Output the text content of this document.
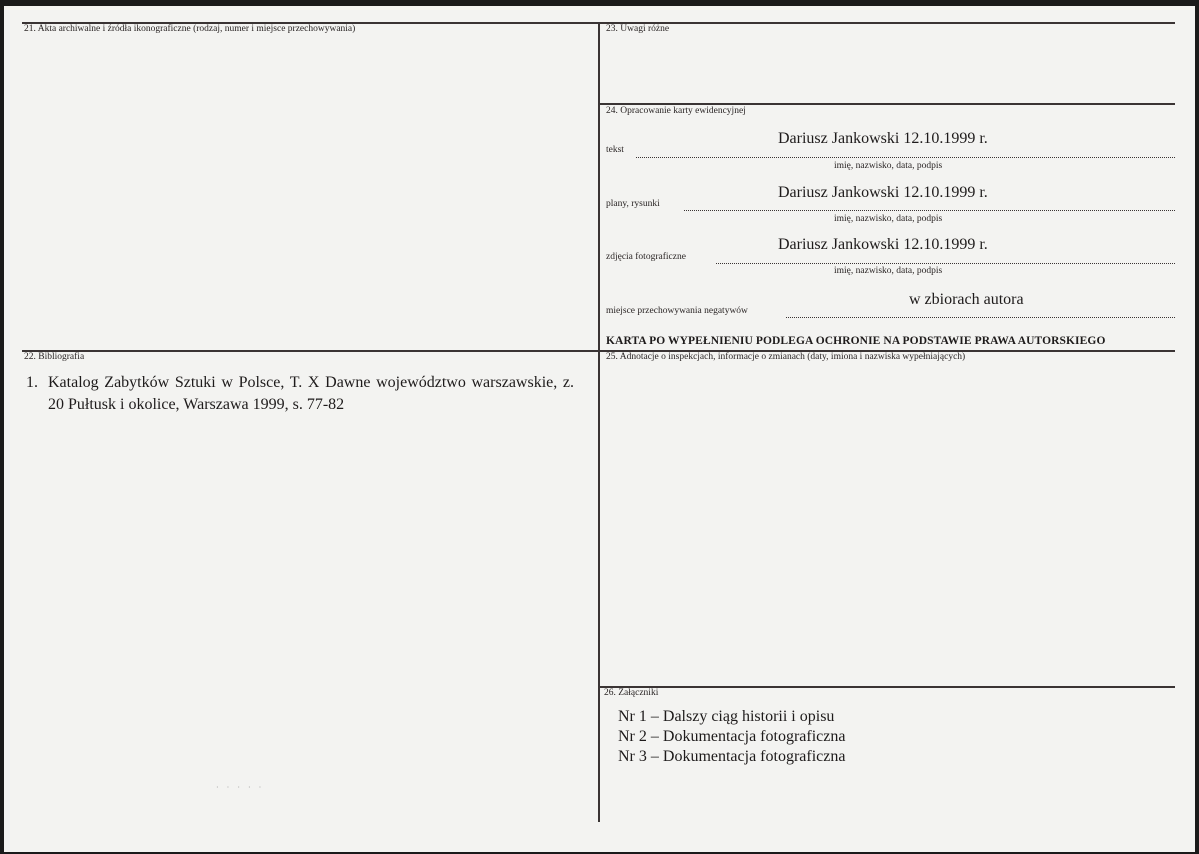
21. Akta archiwalne i źródła ikonograficzne (rodzaj, numer i miejsce przechowywania)	23. Uwagi różne
24. Opracowanie karty ewidencyjnej
22. Bibliografia	25. Adnotacje o inspekcjach, informacje o zmianach (daty, imiona i nazwiska wypełniających)
26. Załączniki
Dariusz Jankowski 12.10.1999 r.
tekst
imię, nazwisko, data, podpis
Dariusz Jankowski 12.10.1999 r.
plany, rysunki
imię, nazwisko, data, podpis
Dariusz Jankowski 12.10.1999 r.
zdjęcia fotograficzne
imię, nazwisko, data, podpis
w zbiorach autora
miejsce przechowywania negatywów
KARTA PO WYPEŁNIENIU PODLEGA OCHRONIE NA PODSTAWIE PRAWA AUTORSKIEGO
1. Katalog Zabytków Sztuki w Polsce, T. X Dawne województwo warszawskie, z. 20 Pułtusk i okolice, Warszawa 1999, s. 77-82
Nr 1 – Dalszy ciąg historii i opisu
Nr 2 – Dokumentacja fotograficzna
Nr 3 – Dokumentacja fotograficzna
· · · · ·
